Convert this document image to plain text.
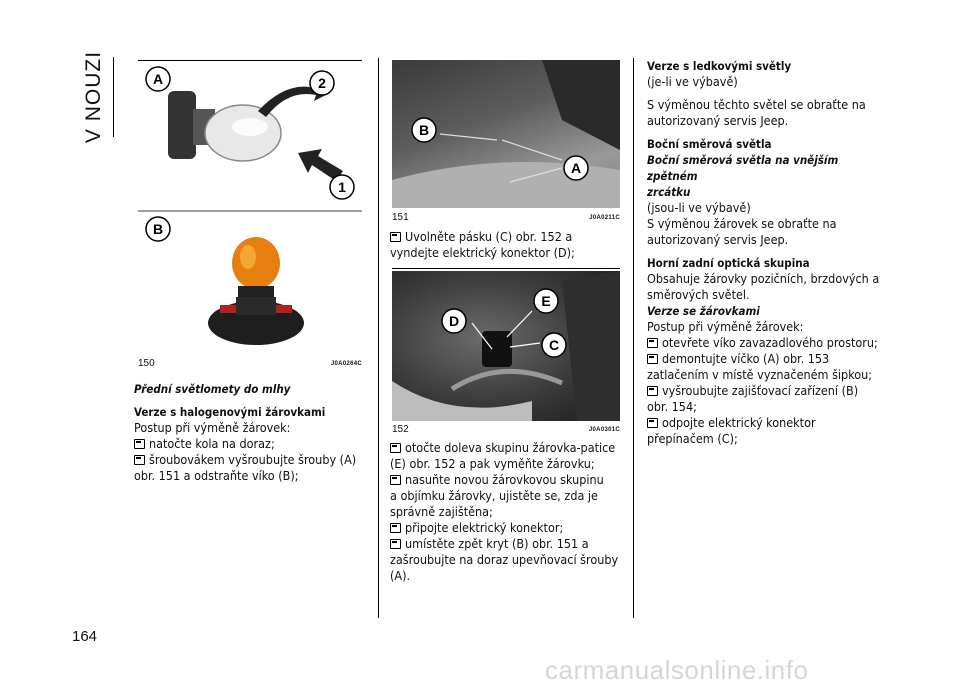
V NOUZI	A	2
1
B
150	J0A0264C

Přední světlomety do mlhy

Verze s halogenovými žárovkami

Postup při výměně žárovek:

natočte kola na doraz;

šroubovákem vyšroubujte šrouby (A)

obr. 151 a odstraňte víko (B);

B
A
151	J0A0211C

Uvolněte pásku (C) obr. 152 a

vyndejte elektrický konektor (D);

D
E
C
152	J0A0301C

otočte doleva skupinu žárovka-patice

(E) obr. 152 a pak vyměňte žárovku;

nasuňte novou žárovkovou skupinu

a objímku žárovky, ujistěte se, zda je

správně zajištěna;

připojte elektrický konektor;

umístěte zpět kryt (B) obr. 151 a

zašroubujte na doraz upevňovací šrouby

(A).

Verze s ledkovými světly

(je-li ve výbavě)

S výměnou těchto světel se obraťte na

autorizovaný servis Jeep.

Boční směrová světla

Boční směrová světla na vnějším zpětném

zrcátku

(jsou-li ve výbavě)

S výměnou žárovek se obraťte na

autorizovaný servis Jeep.

Horní zadní optická skupina

Obsahuje žárovky pozičních, brzdových a

směrových světel.

Verze se žárovkami

Postup při výměně žárovek:

otevřete víko zavazadlového prostoru;

demontujte víčko (A) obr. 153

zatlačením v místě vyznačeném šipkou;

vyšroubujte zajišťovací zařízení (B)

obr. 154;

odpojte elektrický konektor

přepínačem (C);

164
carmanualsonline.info
